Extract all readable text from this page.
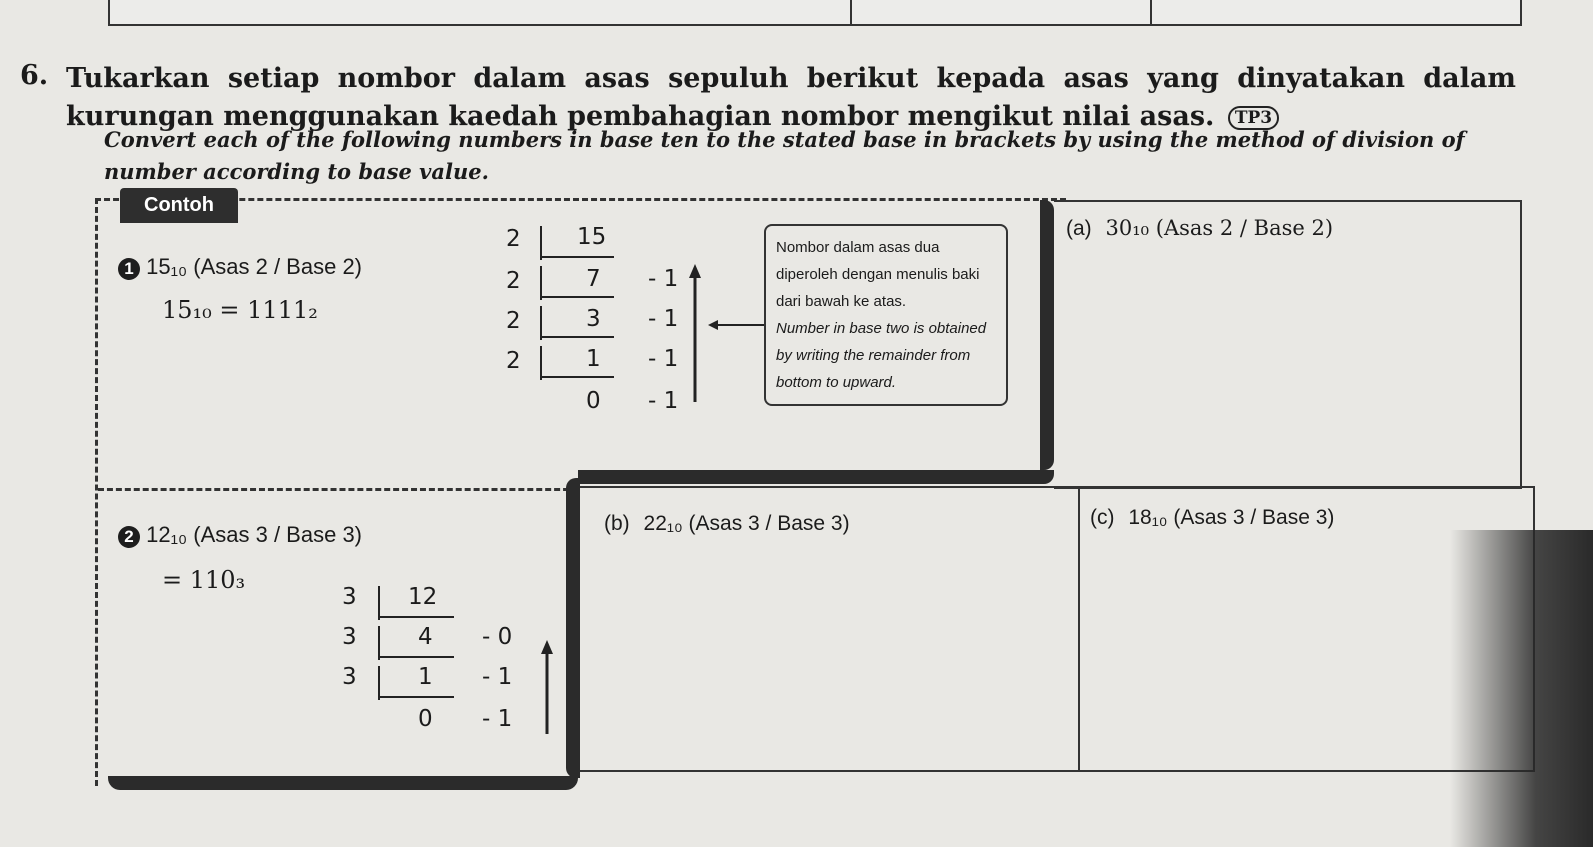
6. Tukarkan setiap nombor dalam asas sepuluh berikut kepada asas yang dinyatakan dalam kurungan menggunakan kaedah pembahagian nombor mengikut nilai asas. TP3
Convert each of the following numbers in base ten to the stated base in brackets by using the method of division of number according to base value.
Contoh
1 15₁₀ (Asas 2 / Base 2)
15₁₀ = 1111₂
2
2
2
2
15
7
3
1
0
- 1
- 1
- 1
- 1
Nombor dalam asas dua diperoleh dengan menulis baki dari bawah ke atas.
Number in base two is obtained by writing the remainder from bottom to upward.
2 12₁₀ (Asas 3 / Base 3)
= 110₃
3
3
3
12
4
1
0
- 0
- 1
- 1
(a) 30₁₀ (Asas 2 / Base 2)
(b) 22₁₀ (Asas 3 / Base 3)	(c) 18₁₀ (Asas 3 / Base 3)
